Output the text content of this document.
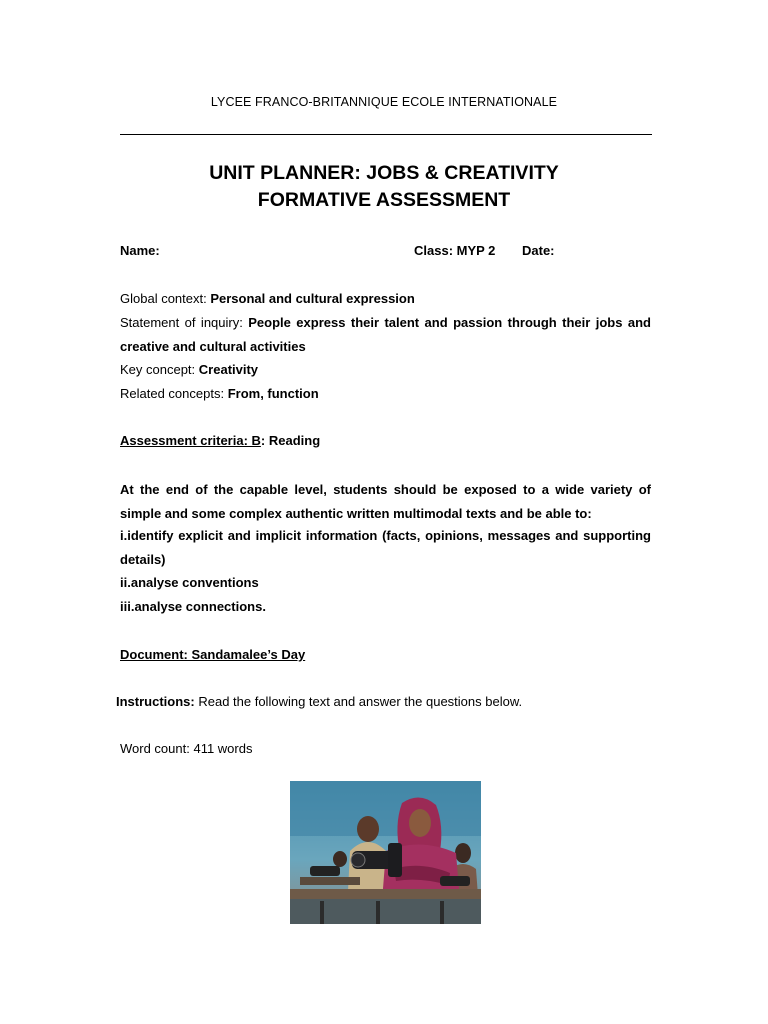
LYCEE FRANCO-BRITANNIQUE ECOLE INTERNATIONALE
UNIT PLANNER: JOBS & CREATIVITY
FORMATIVE ASSESSMENT
Name:	Class: MYP 2 Date:
Global context: Personal and cultural expression
Statement of inquiry: People express their talent and passion through their jobs and creative and cultural activities
Key concept: Creativity
Related concepts: From, function
Assessment criteria: B: Reading
At the end of the capable level, students should be exposed to a wide variety of simple and some complex authentic written multimodal texts and be able to:
i.identify explicit and implicit information (facts, opinions, messages and supporting details)
ii.analyse conventions
iii.analyse connections.
Document: Sandamalee’s Day
Instructions: Read the following text and answer the questions below.
Word count: 411 words
